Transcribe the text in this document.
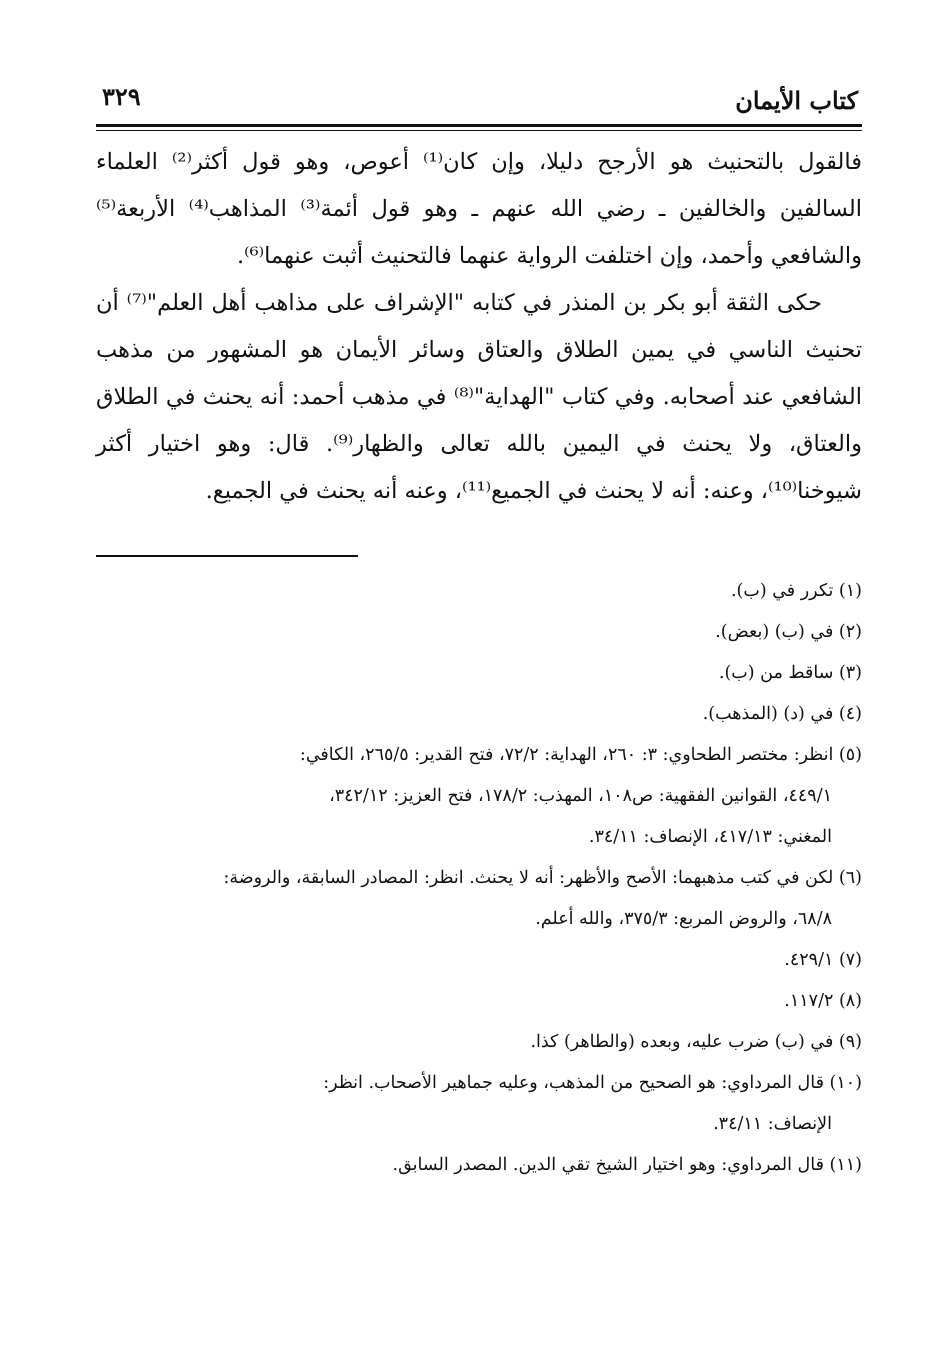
كتاب الأيمان
٣٢٩

فالقول بالتحنيث هو الأرجح دليلا، وإن كان⁽¹⁾ أعوص، وهو قول أكثر⁽²⁾ العلماء السالفين والخالفين ـ رضي الله عنهم ـ وهو قول أئمة⁽³⁾ المذاهب⁽⁴⁾ الأربعة⁽⁵⁾ والشافعي وأحمد، وإن اختلفت الرواية عنهما فالتحنيث أثبت عنهما⁽⁶⁾.

حكى الثقة أبو بكر بن المنذر في كتابه "الإشراف على مذاهب أهل العلم"⁽⁷⁾ أن تحنيث الناسي في يمين الطلاق والعتاق وسائر الأيمان هو المشهور من مذهب الشافعي عند أصحابه. وفي كتاب "الهداية"⁽⁸⁾ في مذهب أحمد: أنه يحنث في الطلاق والعتاق، ولا يحنث في اليمين بالله تعالى والظهار⁽⁹⁾. قال: وهو اختيار أكثر شيوخنا⁽¹⁰⁾، وعنه: أنه لا يحنث في الجميع⁽¹¹⁾، وعنه أنه يحنث في الجميع.

(١) تكرر في (ب).

(٢) في (ب) (بعض).

(٣) ساقط من (ب).

(٤) في (د) (المذهب).

(٥) انظر: مختصر الطحاوي: ٣: ٢٦٠، الهداية: ٧٢/٢، فتح القدير: ٢٦٥/٥، الكافي:

٤٤٩/١، القوانين الفقهية: ص١٠٨، المهذب: ١٧٨/٢، فتح العزيز: ٣٤٢/١٢،

المغني: ٤١٧/١٣، الإنصاف: ٣٤/١١.

(٦) لكن في كتب مذهبهما: الأصح والأظهر: أنه لا يحنث. انظر: المصادر السابقة، والروضة:

٦٨/٨، والروض المربع: ٣٧٥/٣، والله أعلم.

(٧) ٤٢٩/١.

(٨) ١١٧/٢.

(٩) في (ب) ضرب عليه، وبعده (والطاهر) كذا.

(١٠) قال المرداوي: هو الصحيح من المذهب، وعليه جماهير الأصحاب. انظر:

الإنصاف: ٣٤/١١.

(١١) قال المرداوي: وهو اختيار الشيخ تقي الدين. المصدر السابق.
